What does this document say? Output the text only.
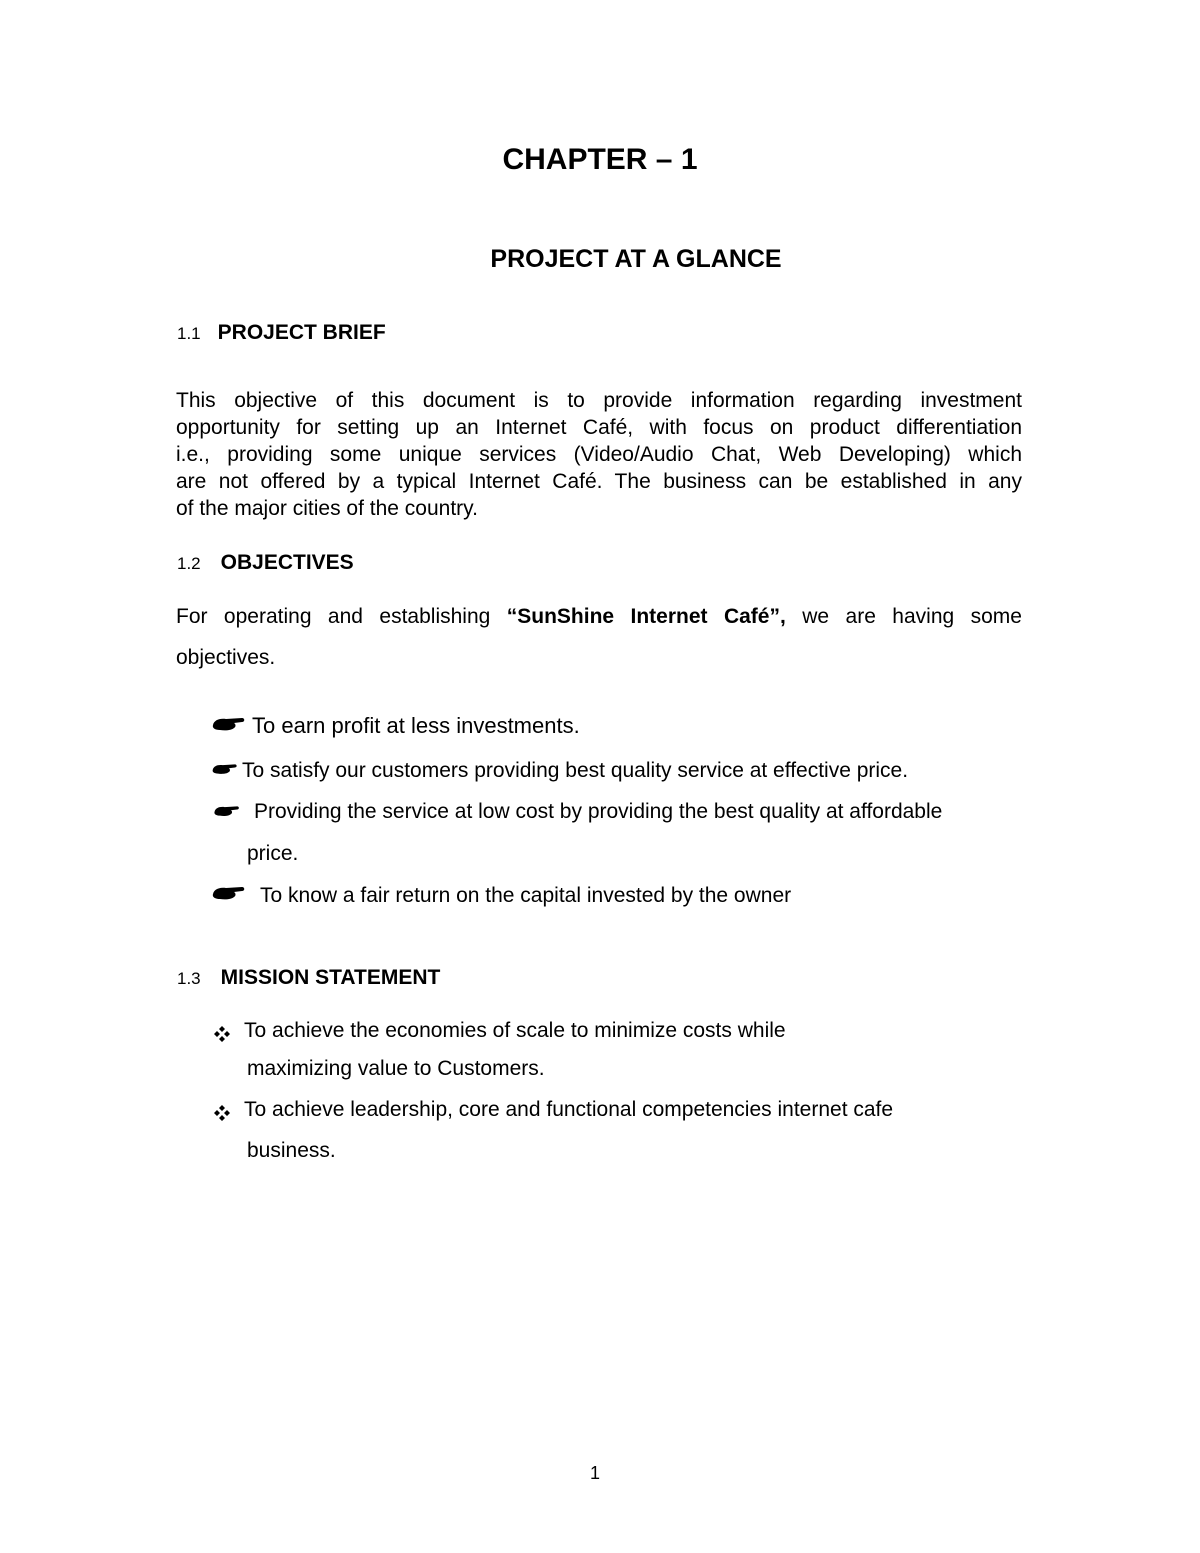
CHAPTER – 1
PROJECT AT A GLANCE
1.1 PROJECT BRIEF
This objective of this document is to provide information regarding investment
opportunity for setting up an Internet Café, with focus on product differentiation
i.e., providing some unique services (Video/Audio Chat, Web Developing) which
are not offered by a typical Internet Café. The business can be established in any
of the major cities of the country.
1.2 OBJECTIVES
For operating and establishing “SunShine Internet Café”, we are having some
objectives.
To earn profit at less investments.
To satisfy our customers providing best quality service at effective price.
Providing the service at low cost by providing the best quality at affordable
price.
To know a fair return on the capital invested by the owner
1.3 MISSION STATEMENT
To achieve the economies of scale to minimize costs while
maximizing value to Customers.
To achieve leadership, core and functional competencies internet cafe
business.
1
